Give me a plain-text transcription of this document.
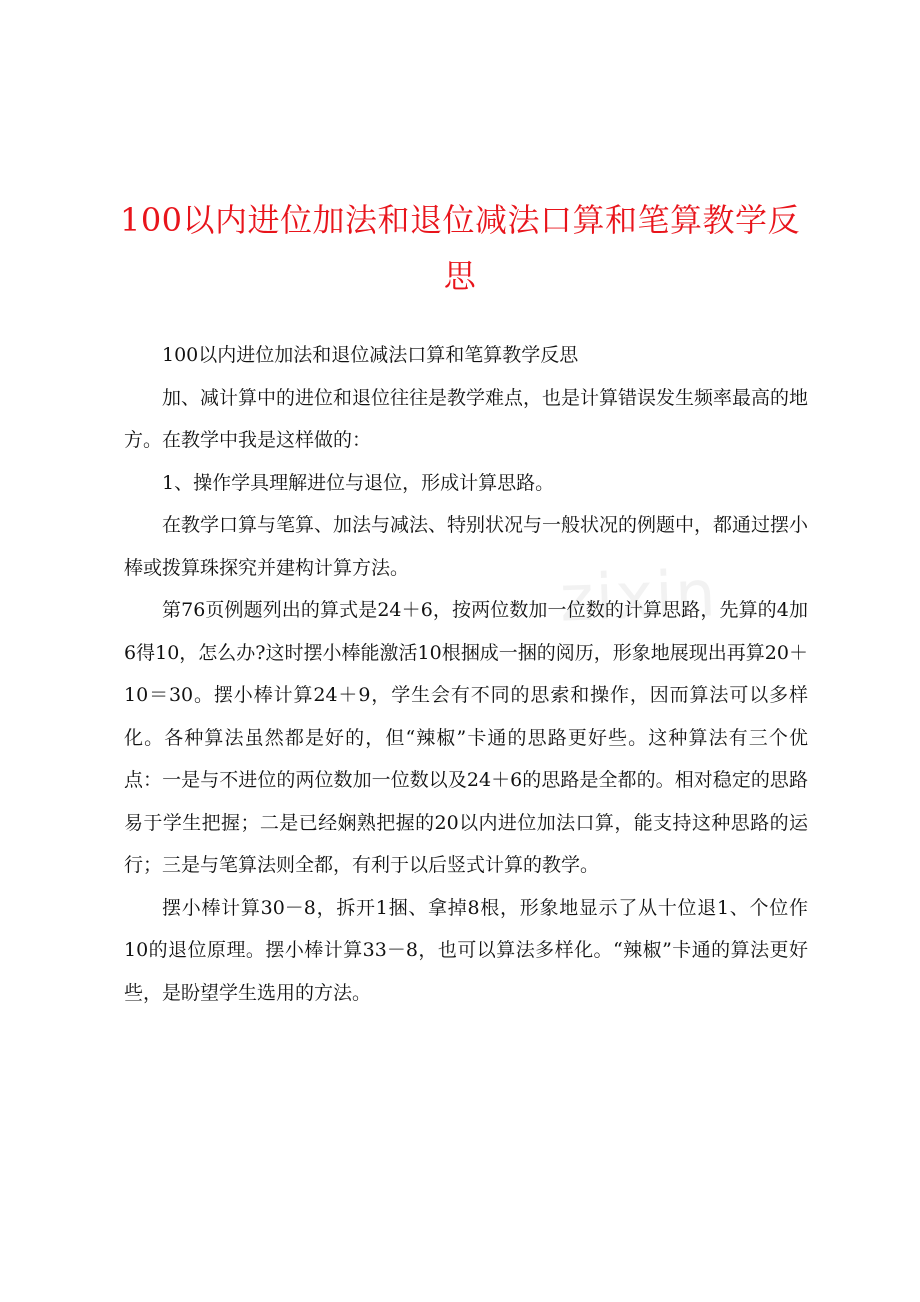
100以内进位加法和退位减法口算和笔算教学反思
zixin

100以内进位加法和退位减法口算和笔算教学反思

加、减计算中的进位和退位往往是教学难点，也是计算错误发生频率最高的地方。在教学中我是这样做的：

1、操作学具理解进位与退位，形成计算思路。

在教学口算与笔算、加法与减法、特别状况与一般状况的例题中，都通过摆小棒或拨算珠探究并建构计算方法。

第76页例题列出的算式是24＋6，按两位数加一位数的计算思路，先算的4加6得10，怎么办?这时摆小棒能激活10根捆成一捆的阅历，形象地展现出再算20＋10＝30。摆小棒计算24＋9，学生会有不同的思索和操作，因而算法可以多样化。各种算法虽然都是好的，但“辣椒”卡通的思路更好些。这种算法有三个优点：一是与不进位的两位数加一位数以及24＋6的思路是全都的。相对稳定的思路易于学生把握；二是已经娴熟把握的20以内进位加法口算，能支持这种思路的运行；三是与笔算法则全都，有利于以后竖式计算的教学。

摆小棒计算30－8，拆开1捆、拿掉8根，形象地显示了从十位退1、个位作10的退位原理。摆小棒计算33－8，也可以算法多样化。“辣椒”卡通的算法更好些，是盼望学生选用的方法。
